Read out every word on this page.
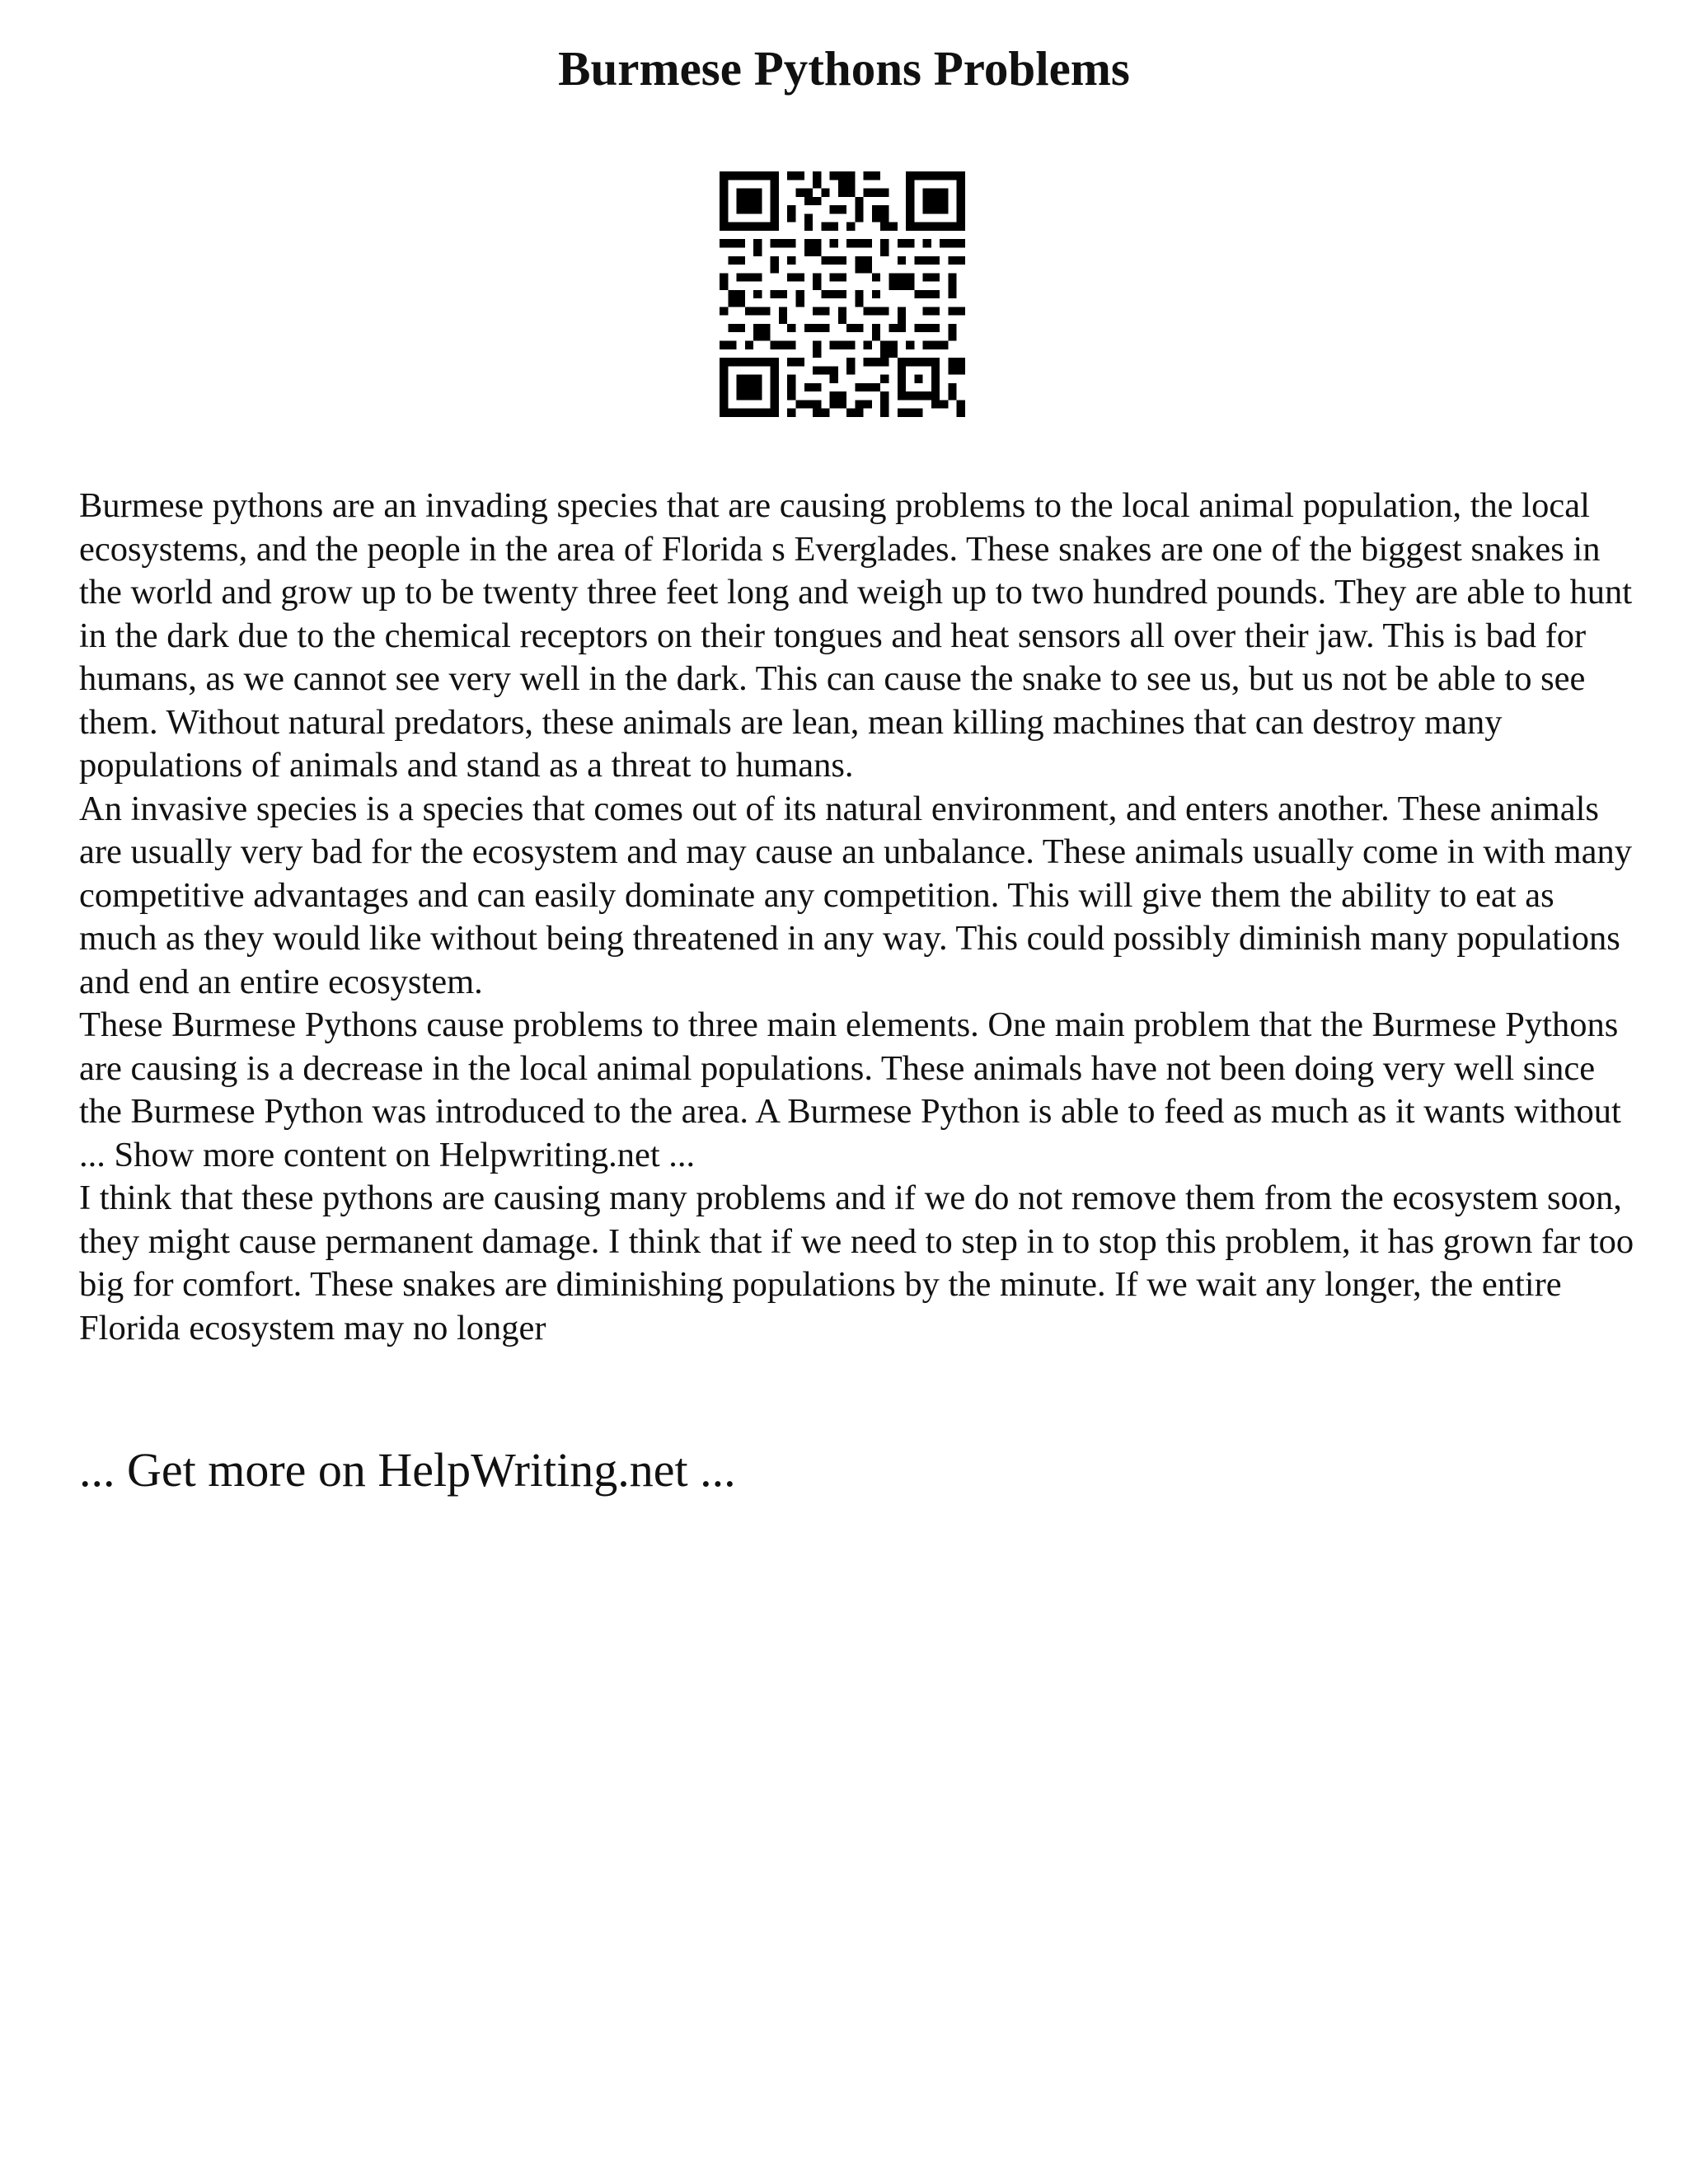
Burmese Pythons Problems

Burmese pythons are an invading species that are causing problems to the local animal population, the local ecosystems, and the people in the area of Florida s Everglades. These snakes are one of the biggest snakes in the world and grow up to be twenty three feet long and weigh up to two hundred pounds. They are able to hunt in the dark due to the chemical receptors on their tongues and heat sensors all over their jaw. This is bad for humans, as we cannot see very well in the dark. This can cause the snake to see us, but us not be able to see them. Without natural predators, these animals are lean, mean killing machines that can destroy many populations of animals and stand as a threat to humans.

An invasive species is a species that comes out of its natural environment, and enters another. These animals are usually very bad for the ecosystem and may cause an unbalance. These animals usually come in with many competitive advantages and can easily dominate any competition. This will give them the ability to eat as much as they would like without being threatened in any way. This could possibly diminish many populations and end an entire ecosystem.

These Burmese Pythons cause problems to three main elements. One main problem that the Burmese Pythons are causing is a decrease in the local animal populations. These animals have not been doing very well since the Burmese Python was introduced to the area. A Burmese Python is able to feed as much as it wants without ... Show more content on Helpwriting.net ...

I think that these pythons are causing many problems and if we do not remove them from the ecosystem soon, they might cause permanent damage. I think that if we need to step in to stop this problem, it has grown far too big for comfort. These snakes are diminishing populations by the minute. If we wait any longer, the entire Florida ecosystem may no longer

... Get more on HelpWriting.net ...
